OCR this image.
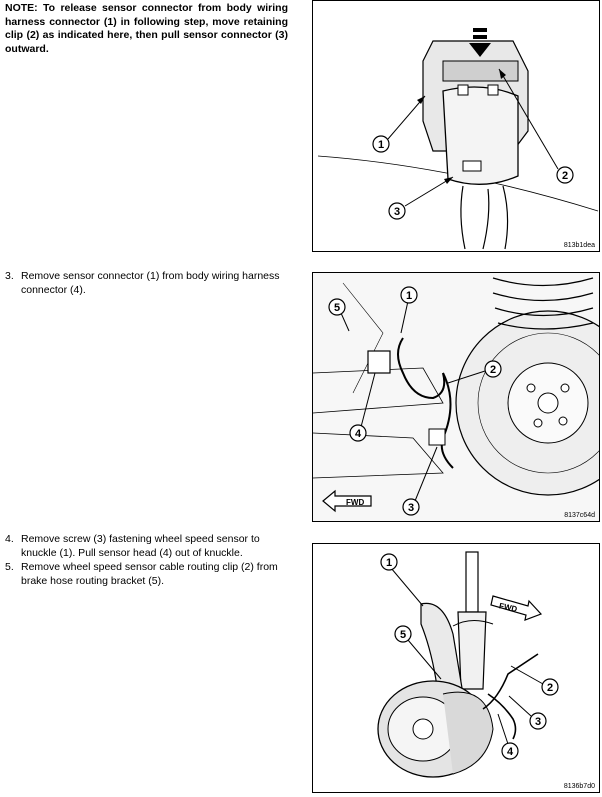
NOTE: To release sensor connector from body wiring harness connector (1) in following step, move retaining clip (2) as indicated here, then pull sensor connector (3) outward.

3. Remove sensor connector (1) from body wiring harness connector (4).

4. Remove screw (3) fastening wheel speed sensor to knuckle (1). Pull sensor head (4) out of knuckle.

5. Remove wheel speed sensor cable routing clip (2) from brake hose routing bracket (5).

1
2
3
813b1dea
FWD
1
2
3
4
5
8137c64d
FWD
1
2
3
4
5
8136b7d0
